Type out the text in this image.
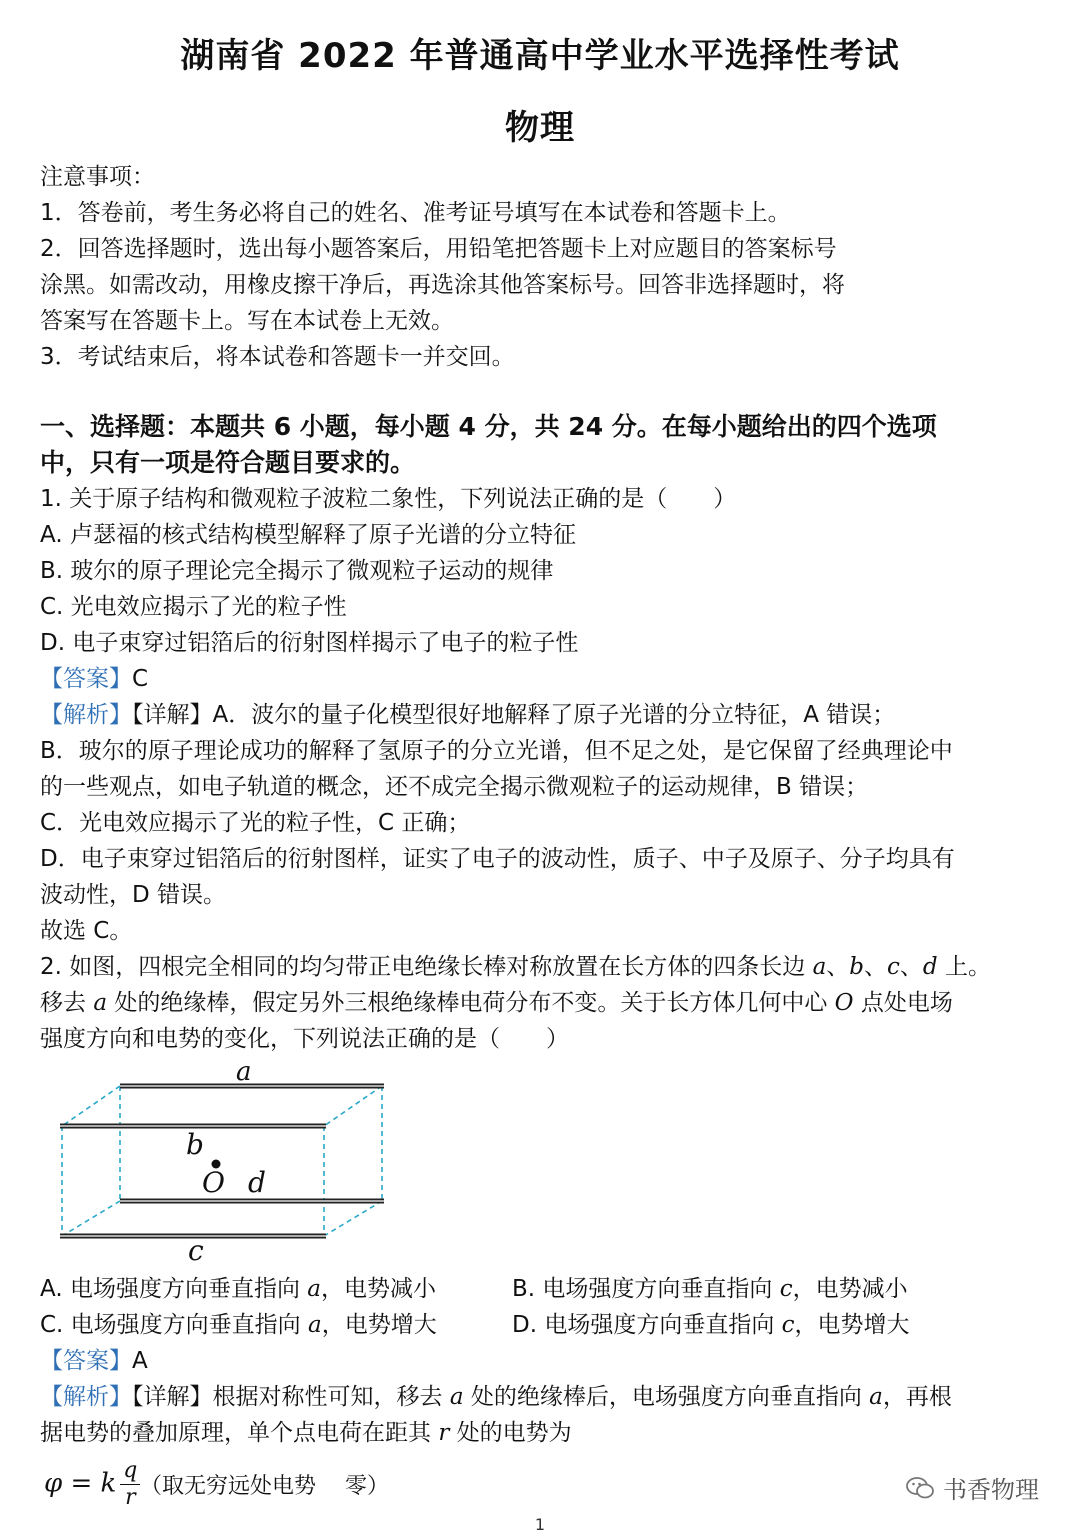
湖南省 2022 年普通高中学业水平选择性考试
物理
注意事项：
1．答卷前，考生务必将自己的姓名、准考证号填写在本试卷和答题卡上。
2．回答选择题时，选出每小题答案后，用铅笔把答题卡上对应题目的答案标号
涂黑。如需改动，用橡皮擦干净后，再选涂其他答案标号。回答非选择题时，将
答案写在答题卡上。写在本试卷上无效。
3．考试结束后，将本试卷和答题卡一并交回。
一、选择题：本题共 6 小题，每小题 4 分，共 24 分。在每小题给出的四个选项
中，只有一项是符合题目要求的。
1. 关于原子结构和微观粒子波粒二象性，下列说法正确的是（　　）
A. 卢瑟福的核式结构模型解释了原子光谱的分立特征
B. 玻尔的原子理论完全揭示了微观粒子运动的规律
C. 光电效应揭示了光的粒子性
D. 电子束穿过铝箔后的衍射图样揭示了电子的粒子性
【答案】C
【解析】【详解】A．波尔的量子化模型很好地解释了原子光谱的分立特征，A 错误；
B．玻尔的原子理论成功的解释了氢原子的分立光谱，但不足之处，是它保留了经典理论中
的一些观点，如电子轨道的概念，还不成完全揭示微观粒子的运动规律，B 错误；
C．光电效应揭示了光的粒子性，C 正确；
D．电子束穿过铝箔后的衍射图样，证实了电子的波动性，质子、中子及原子、分子均具有
波动性，D 错误。
故选 C。
2. 如图，四根完全相同的均匀带正电绝缘长棒对称放置在长方体的四条长边 a、b、c、d 上。
移去 a 处的绝缘棒，假定另外三根绝缘棒电荷分布不变。关于长方体几何中心 O 点处电场
强度方向和电势的变化，下列说法正确的是（　　）
a
b
O d
c
A. 电场强度方向垂直指向 a，电势减小	B. 电场强度方向垂直指向 c，电势减小
C. 电场强度方向垂直指向 a，电势增大	D. 电场强度方向垂直指向 c，电势增大
【答案】A
【解析】【详解】根据对称性可知，移去 a 处的绝缘棒后，电场强度方向垂直指向 a，再根
据电势的叠加原理，单个点电荷在距其 r 处的电势为
φ = k $\frac{q}{r}$ （取无穷远处电势　 零）	书香物理
1
